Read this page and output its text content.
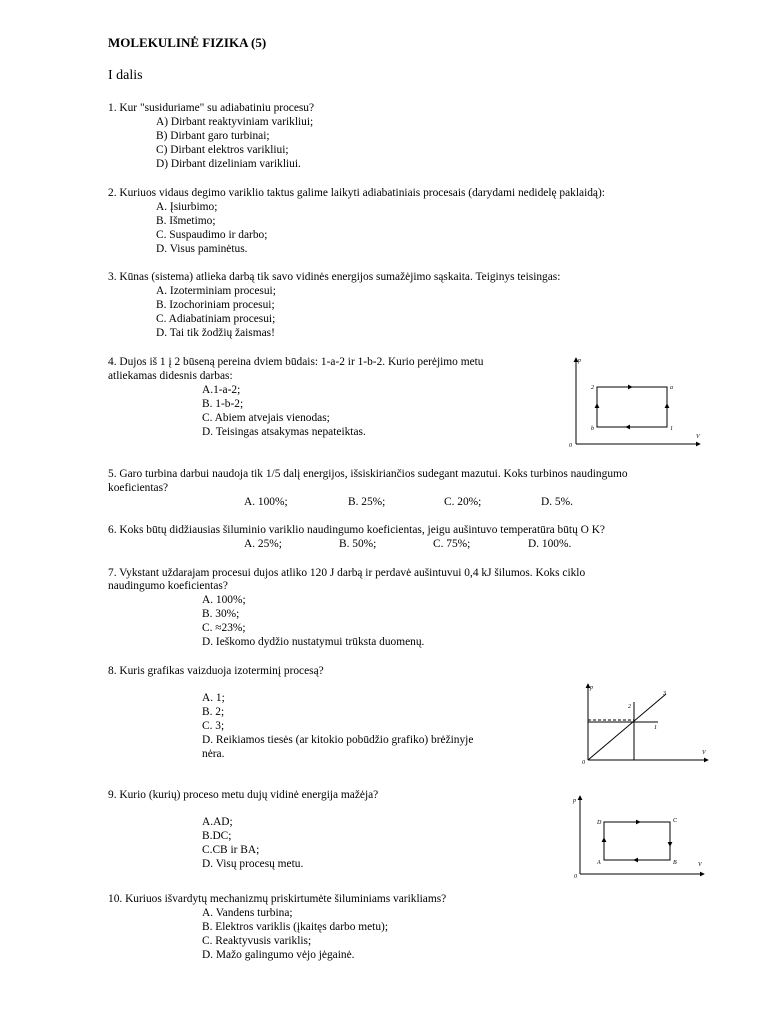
MOLEKULINĖ FIZIKA (5)
I dalis
1. Kur "susiduriame" su adiabatiniu procesu?
A) Dirbant reaktyviniam varikliui;
B) Dirbant garo turbinai;
C) Dirbant elektros varikliui;
D) Dirbant dizeliniam varikliui.
2. Kuriuos vidaus degimo variklio taktus galime laikyti adiabatiniais procesais (darydami nedidelę paklaidą):
A. Įsiurbimo;
B. Išmetimo;
C. Suspaudimo ir darbo;
D. Visus paminėtus.
3. Kūnas (sistema) atlieka darbą tik savo vidinės energijos sumažėjimo sąskaita. Teiginys teisingas:
A. Izoterminiam procesui;
B. Izochoriniam procesui;
C. Adiabatiniam procesui;
D. Tai tik žodžių žaismas!
4. Dujos iš 1 į 2 būseną pereina dviem būdais: 1-a-2 ir 1-b-2. Kurio perėjimo metu
atliekamas didesnis darbas:
A.1-a-2;
B. 1-b-2;
C. Abiem atvejais vienodas;
D. Teisingas atsakymas nepateiktas.
p
V
0
2	a
b	1
5. Garo turbina darbui naudoja tik 1/5 dalį energijos, išsiskiriančios sudegant mazutui. Koks turbinos naudingumo
koeficientas?
A. 100%;	B. 25%;	C. 20%;	D. 5%.
6. Koks būtų didžiausias šiluminio variklio naudingumo koeficientas, jeigu aušintuvo temperatūra būtų O K?
A. 25%;	B. 50%;	C. 75%;	D. 100%.
7. Vykstant uždarajam procesui dujos atliko 120 J darbą ir perdavė aušintuvui 0,4 kJ šilumos. Koks ciklo
naudingumo koeficientas?
A. 100%;
B. 30%;
C. ≈23%;
D. Ieškomo dydžio nustatymui trūksta duomenų.
8. Kuris grafikas vaizduoja izoterminį procesą?
A. 1;
B. 2;
C. 3;
D. Reikiamos tiesės (ar kitokio pobūdžio grafiko) brėžinyje
nėra.
p
V
0
3
2
1
9. Kurio (kurių) proceso metu dujų vidinė energija mažėja?
A.AD;
B.DC;
C.CB ir BA;
D. Visų procesų metu.
p
V
0
D	C
A	B
10. Kuriuos išvardytų mechanizmų priskirtumėte šiluminiams varikliams?
A. Vandens turbina;
B. Elektros variklis (įkaitęs darbo metu);
C. Reaktyvusis variklis;
D. Mažo galingumo vėjo jėgainė.
